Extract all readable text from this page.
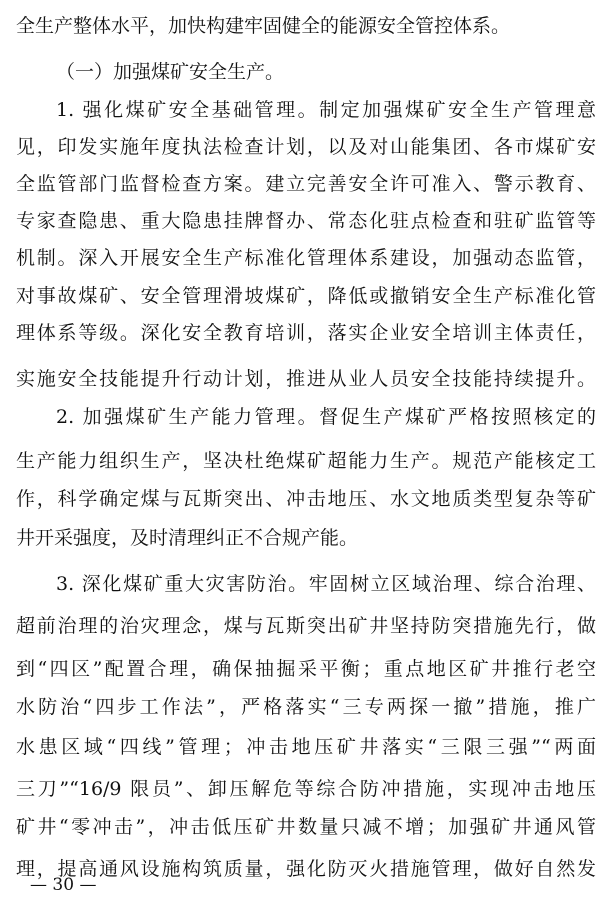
全生产整体水平，加快构建牢固健全的能源安全管控体系。
（一）加强煤矿安全生产。
1. 强化煤矿安全基础管理。制定加强煤矿安全生产管理意
见，印发实施年度执法检查计划，以及对山能集团、各市煤矿安
全监管部门监督检查方案。建立完善安全许可准入、警示教育、
专家查隐患、重大隐患挂牌督办、常态化驻点检查和驻矿监管等
机制。深入开展安全生产标准化管理体系建设，加强动态监管，
对事故煤矿、安全管理滑坡煤矿，降低或撤销安全生产标准化管
理体系等级。深化安全教育培训，落实企业安全培训主体责任，
实施安全技能提升行动计划，推进从业人员安全技能持续提升。
2. 加强煤矿生产能力管理。督促生产煤矿严格按照核定的
生产能力组织生产，坚决杜绝煤矿超能力生产。规范产能核定工
作，科学确定煤与瓦斯突出、冲击地压、水文地质类型复杂等矿
井开采强度，及时清理纠正不合规产能。
3. 深化煤矿重大灾害防治。牢固树立区域治理、综合治理、
超前治理的治灾理念，煤与瓦斯突出矿井坚持防突措施先行，做
到“四区”配置合理，确保抽掘采平衡；重点地区矿井推行老空
水防治“四步工作法”，严格落实“三专两探一撤”措施，推广
水患区域“四线”管理；冲击地压矿井落实“三限三强”“两面
三刀”“16/9 限员”、卸压解危等综合防冲措施，实现冲击地压
矿井“零冲击”，冲击低压矿井数量只减不增；加强矿井通风管
理，提高通风设施构筑质量，强化防灭火措施管理，做好自然发
— 30 —
